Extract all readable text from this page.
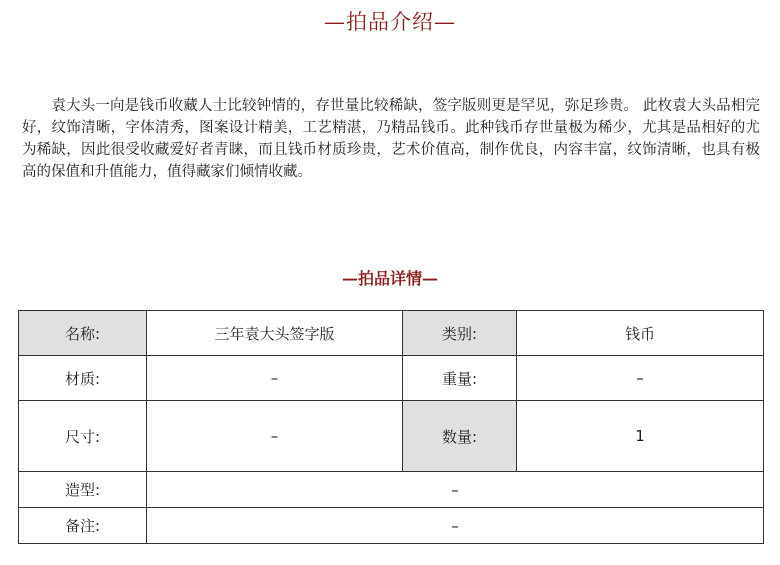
—拍品介绍—
　　袁大头一向是钱币收藏人士比较钟情的，存世量比较稀缺，签字版则更是罕见，弥足珍贵。 此枚袁大头品相完好，纹饰清晰，字体清秀，图案设计精美，工艺精湛，乃精品钱币。此种钱币存世量极为稀少，尤其是品相好的尤为稀缺，因此很受收藏爱好者青睐，而且钱币材质珍贵，艺术价值高，制作优良，内容丰富，纹饰清晰，也具有极高的保值和升值能力，值得藏家们倾情收藏。
—拍品详情—
名称:	三年袁大头签字版	类别:	钱币
材质:	–	重量:	–
尺寸:	–	数量:	1
造型:	–		
备注:	–		
